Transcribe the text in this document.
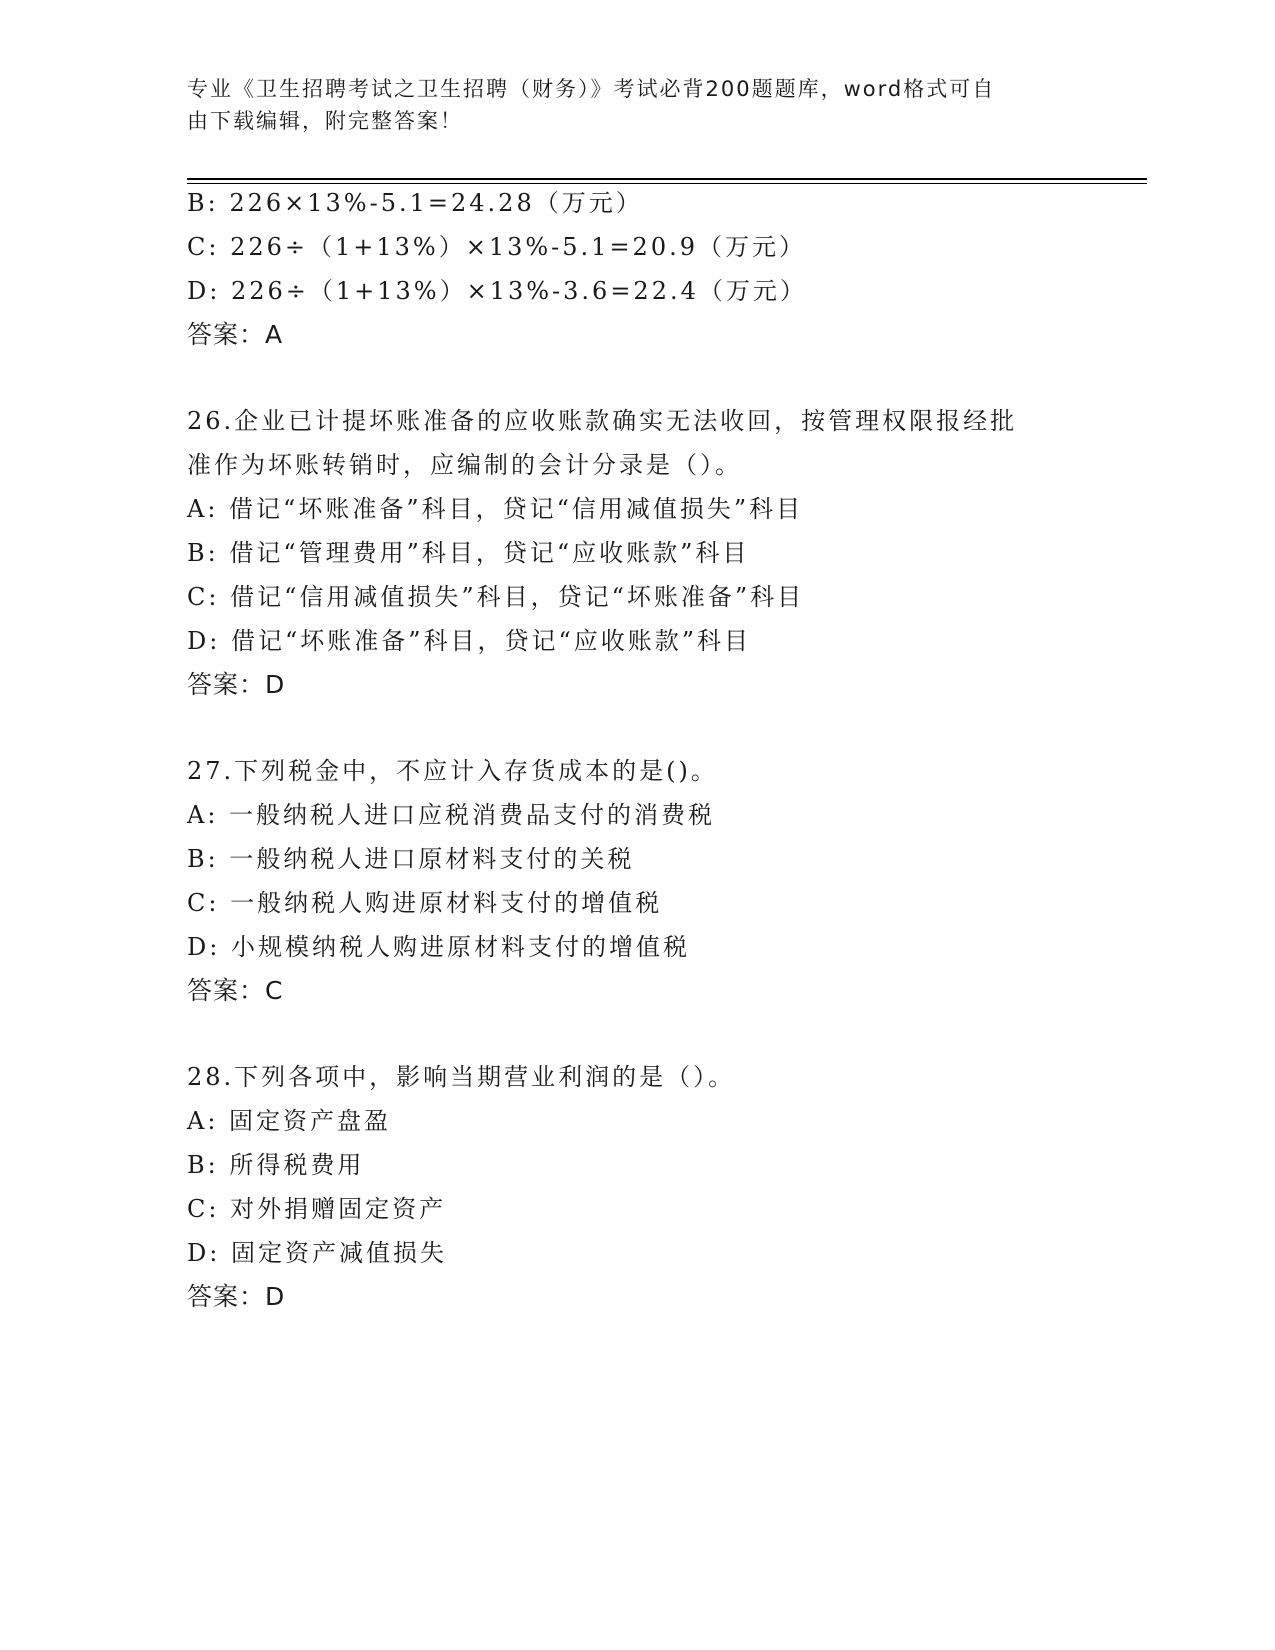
专业《卫生招聘考试之卫生招聘（财务）》考试必背200题题库，word格式可自
由下载编辑，附完整答案！
B: 226×13%-5.1=24.28（万元）
C: 226÷（1+13%）×13%-5.1=20.9（万元）
D: 226÷（1+13%）×13%-3.6=22.4（万元）
答案：A
26.企业已计提坏账准备的应收账款确实无法收回，按管理权限报经批
准作为坏账转销时，应编制的会计分录是（）。
A: 借记“坏账准备”科目，贷记“信用减值损失”科目
B: 借记“管理费用”科目，贷记“应收账款”科目
C: 借记“信用减值损失”科目，贷记“坏账准备”科目
D: 借记“坏账准备”科目，贷记“应收账款”科目
答案：D
27.下列税金中，不应计入存货成本的是()。
A: 一般纳税人进口应税消费品支付的消费税
B: 一般纳税人进口原材料支付的关税
C: 一般纳税人购进原材料支付的增值税
D: 小规模纳税人购进原材料支付的增值税
答案：C
28.下列各项中，影响当期营业利润的是（）。
A: 固定资产盘盈
B: 所得税费用
C: 对外捐赠固定资产
D: 固定资产减值损失
答案：D
